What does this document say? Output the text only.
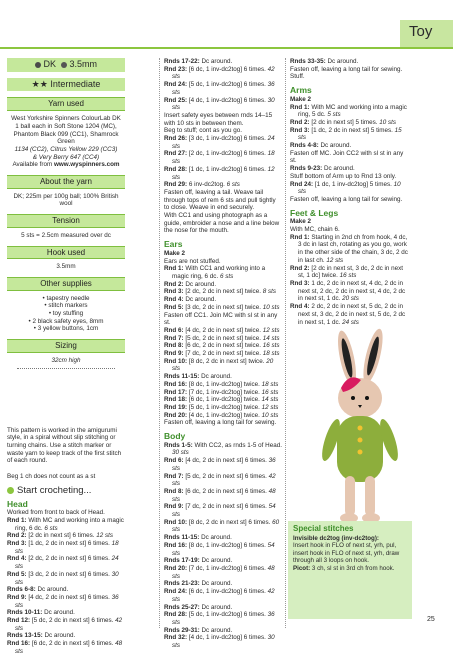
Toy
DK 3.5mm
★★ Intermediate
Yarn used
West Yorkshire Spinners ColourLab DK
1 ball each in Soft Stone 1204 (MC),
Phantom Black 099 (CC1), Shamrock Green
1134 (CC2), Citrus Yellow 229 (CC3)
& Very Berry 647 (CC4)
Available from www.wyspinners.com
About the yarn
DK; 225m per 100g ball; 100% British wool
Tension
5 sts = 2.5cm measured over dc
Hook used
3.5mm
Other supplies
• tapestry needle
• stitch markers
• toy stuffing
• 2 black safety eyes, 8mm
• 3 yellow buttons, 1cm
Sizing
32cm high
This pattern is worked in the amigurumi style, in a spiral without slip stitching or turning chains. Use a stitch marker or waste yarn to keep track of the first stitch of each round.
Beg 1 ch does not count as a st
Start crocheting...
Head
Worked from front to back of Head.
Rnd 1: With MC and working into a magic ring, 6 dc. 6 sts
Rnd 2: [2 dc in next st] 6 times. 12 sts
Rnd 3: [1 dc, 2 dc in next st] 6 times. 18 sts
Rnd 4: [2 dc, 2 dc in next st] 6 times. 24 sts
Rnd 5: [3 dc, 2 dc in next st] 6 times. 30 sts
Rnds 6-8: Dc around.
Rnd 9: [4 dc, 2 dc in next st] 6 times. 36 sts
Rnds 10-11: Dc around.
Rnd 12: [5 dc, 2 dc in next st] 6 times. 42 sts
Rnds 13-15: Dc around.
Rnd 16: [6 dc, 2 dc in next st] 6 times. 48 sts
Rnds 17-22: Dc around.
Rnd 23: [6 dc, 1 inv-dc2tog] 6 times. 42 sts
Rnd 24: [5 dc, 1 inv-dc2tog] 6 times. 36 sts
Rnd 25: [4 dc, 1 inv-dc2tog] 6 times. 30 sts
Insert safety eyes between rnds 14–15 with 10 sts in between them.
Beg to stuff; cont as you go.
Rnd 26: [3 dc, 1 inv-dc2tog] 6 times. 24 sts
Rnd 27: [2 dc, 1 inv-dc2tog] 6 times. 18 sts
Rnd 28: [1 dc, 1 inv-dc2tog] 6 times. 12 sts
Rnd 29: 6 inv-dc2tog. 6 sts
Fasten off, leaving a tail. Weave tail through tops of rem 6 sts and pull tightly to close. Weave in end securely.
With CC1 and using photograph as a guide, embroider a nose and a line below the nose for the mouth.
Ears
Make 2
Ears are not stuffed.
Rnd 1: With CC1 and working into a magic ring, 6 dc. 6 sts
Rnd 2: Dc around.
Rnd 3: [2 dc, 2 dc in next st] twice. 8 sts
Rnd 4: Dc around.
Rnd 5: [3 dc, 2 dc in next st] twice. 10 sts
Fasten off CC1. Join MC with sl st in any st.
Rnd 6: [4 dc, 2 dc in next st] twice. 12 sts
Rnd 7: [5 dc, 2 dc in next st] twice. 14 sts
Rnd 8: [6 dc, 2 dc in next st] twice. 16 sts
Rnd 9: [7 dc, 2 dc in next st] twice. 18 sts
Rnd 10: [8 dc, 2 dc in next st] twice. 20 sts
Rnds 11-15: Dc around.
Rnd 16: [8 dc, 1 inv-dc2tog] twice. 18 sts
Rnd 17: [7 dc, 1 inv-dc2tog] twice. 16 sts
Rnd 18: [6 dc, 1 inv-dc2tog] twice. 14 sts
Rnd 19: [5 dc, 1 inv-dc2tog] twice. 12 sts
Rnd 20: [4 dc, 1 inv-dc2tog] twice. 10 sts
Fasten off, leaving a long tail for sewing.
Body
Rnds 1-5: With CC2, as rnds 1-5 of Head. 30 sts
Rnd 6: [4 dc, 2 dc in next st] 6 times. 36 sts
Rnd 7: [5 dc, 2 dc in next st] 6 times. 42 sts
Rnd 8: [6 dc, 2 dc in next st] 6 times. 48 sts
Rnd 9: [7 dc, 2 dc in next st] 6 times. 54 sts
Rnd 10: [8 dc, 2 dc in next st] 6 times. 60 sts
Rnds 11-15: Dc around.
Rnd 16: [8 dc, 1 inv-dc2tog] 6 times. 54 sts
Rnds 17-19: Dc around.
Rnd 20: [7 dc, 1 inv-dc2tog] 6 times. 48 sts
Rnds 21-23: Dc around.
Rnd 24: [6 dc, 1 inv-dc2tog] 6 times. 42 sts
Rnds 25-27: Dc around.
Rnd 28: [5 dc, 1 inv-dc2tog] 6 times. 36 sts
Rnds 29-31: Dc around.
Rnd 32: [4 dc, 1 inv-dc2tog] 6 times. 30 sts
Rnds 33-35: Dc around.
Fasten off, leaving a long tail for sewing. Stuff.
Arms
Make 2
Rnd 1: With MC and working into a magic ring, 5 dc. 5 sts
Rnd 2: [2 dc in next st] 5 times. 10 sts
Rnd 3: [1 dc, 2 dc in next st] 5 times. 15 sts
Rnds 4-8: Dc around.
Fasten off MC. Join CC2 with sl st in any st.
Rnds 9-23: Dc around.
Stuff bottom of Arm up to Rnd 13 only.
Rnd 24: [1 dc, 1 inv-dc2tog] 5 times. 10 sts
Fasten off, leaving a long tail for sewing.
Feet & Legs
Make 2
With MC, chain 6.
Rnd 1: Starting in 2nd ch from hook, 4 dc, 3 dc in last ch, rotating as you go, work in the other side of the chain, 3 dc, 2 dc in last ch. 12 sts
Rnd 2: [2 dc in next st, 3 dc, 2 dc in next st, 1 dc] twice. 16 sts
Rnd 3: 1 dc, 2 dc in next st, 4 dc, 2 dc in next st, 2 dc, 2 dc in next st, 4 dc, 2 dc in next st, 1 dc. 20 sts
Rnd 4: 2 dc, 2 dc in next st, 5 dc, 2 dc in next st, 3 dc, 2 dc in next st, 5 dc, 2 dc in next st, 1 dc. 24 sts
Special stitches
Invisible dc2tog (inv-dc2tog):
Insert hook in FLO of next st, yrh, pul, insert hook in FLO of next st, yrh, draw through all 3 loops on hook.
Picot: 3 ch, sl st in 3rd ch from hook.
25
